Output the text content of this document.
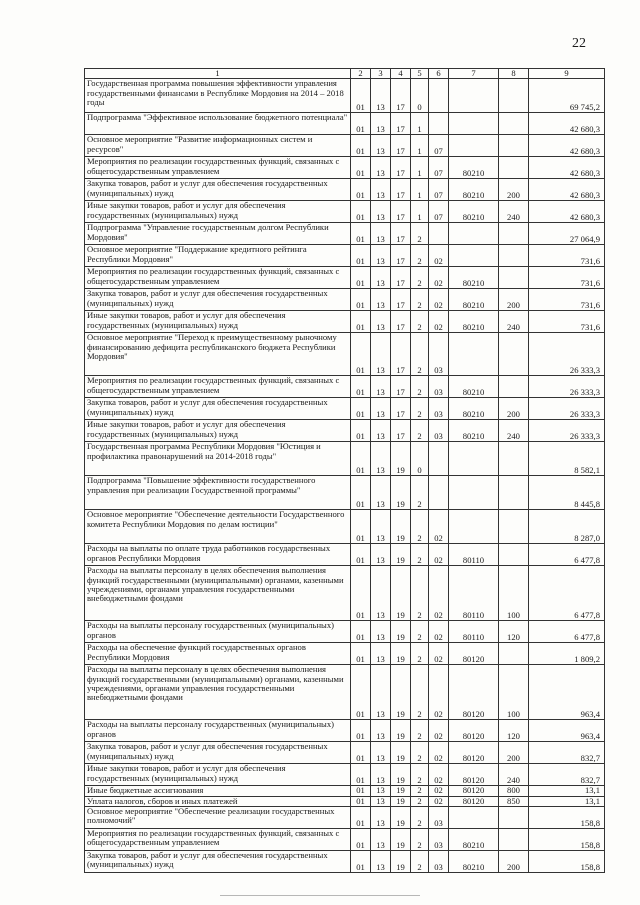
22
1	2	3	4	5	6	7	8	9
Государственная программа повышения эффективности управления государственными финансами в Республике Мордовия на 2014 – 2018 годы	01	13	17	0				69 745,2
Подпрограмма "Эффективное использование бюджетного потенциала"	01	13	17	1				42 680,3
Основное мероприятие "Развитие информационных систем и ресурсов"	01	13	17	1	07			42 680,3
Мероприятия по реализации государственных функций, связанных с общегосударственным управлением	01	13	17	1	07	80210		42 680,3
Закупка товаров, работ и услуг для обеспечения государственных (муниципальных) нужд	01	13	17	1	07	80210	200	42 680,3
Иные закупки товаров, работ и услуг для обеспечения государственных (муниципальных) нужд	01	13	17	1	07	80210	240	42 680,3
Подпрограмма "Управление государственным долгом Республики Мордовия"	01	13	17	2				27 064,9
Основное мероприятие "Поддержание кредитного рейтинга Республики Мордовия"	01	13	17	2	02			731,6
Мероприятия по реализации государственных функций, связанных с общегосударственным управлением	01	13	17	2	02	80210		731,6
Закупка товаров, работ и услуг для обеспечения государственных (муниципальных) нужд	01	13	17	2	02	80210	200	731,6
Иные закупки товаров, работ и услуг для обеспечения государственных (муниципальных) нужд	01	13	17	2	02	80210	240	731,6
Основное мероприятие "Переход к преимущественному рыночному финансированию дефицита республиканского бюджета Республики Мордовия"	01	13	17	2	03			26 333,3
Мероприятия по реализации государственных функций, связанных с общегосударственным управлением	01	13	17	2	03	80210		26 333,3
Закупка товаров, работ и услуг для обеспечения государственных (муниципальных) нужд	01	13	17	2	03	80210	200	26 333,3
Иные закупки товаров, работ и услуг для обеспечения государственных (муниципальных) нужд	01	13	17	2	03	80210	240	26 333,3
Государственная программа Республики Мордовия "Юстиция и профилактика правонарушений на 2014-2018 годы"	01	13	19	0				8 582,1
Подпрограмма "Повышение эффективности государственного управления при реализации Государственной программы"	01	13	19	2				8 445,8
Основное мероприятие "Обеспечение деятельности Государственного комитета Республики Мордовия по делам юстиции"	01	13	19	2	02			8 287,0
Расходы на выплаты по оплате труда работников государственных органов Республики Мордовия	01	13	19	2	02	80110		6 477,8
Расходы на выплаты персоналу в целях обеспечения выполнения функций государственными (муниципальными) органами, казенными учреждениями, органами управления государственными внебюджетными фондами	01	13	19	2	02	80110	100	6 477,8
Расходы на выплаты персоналу государственных (муниципальных) органов	01	13	19	2	02	80110	120	6 477,8
Расходы на обеспечение функций государственных органов Республики Мордовия	01	13	19	2	02	80120		1 809,2
Расходы на выплаты персоналу в целях обеспечения выполнения функций государственными (муниципальными) органами, казенными учреждениями, органами управления государственными внебюджетными фондами	01	13	19	2	02	80120	100	963,4
Расходы на выплаты персоналу государственных (муниципальных) органов	01	13	19	2	02	80120	120	963,4
Закупка товаров, работ и услуг для обеспечения государственных (муниципальных) нужд	01	13	19	2	02	80120	200	832,7
Иные закупки товаров, работ и услуг для обеспечения государственных (муниципальных) нужд	01	13	19	2	02	80120	240	832,7
Иные бюджетные ассигнования	01	13	19	2	02	80120	800	13,1
Уплата налогов, сборов и иных платежей	01	13	19	2	02	80120	850	13,1
Основное мероприятие "Обеспечение реализации государственных полномочий"	01	13	19	2	03			158,8
Мероприятия по реализации государственных функций, связанных с общегосударственным управлением	01	13	19	2	03	80210		158,8
Закупка товаров, работ и услуг для обеспечения государственных (муниципальных) нужд	01	13	19	2	03	80210	200	158,8
